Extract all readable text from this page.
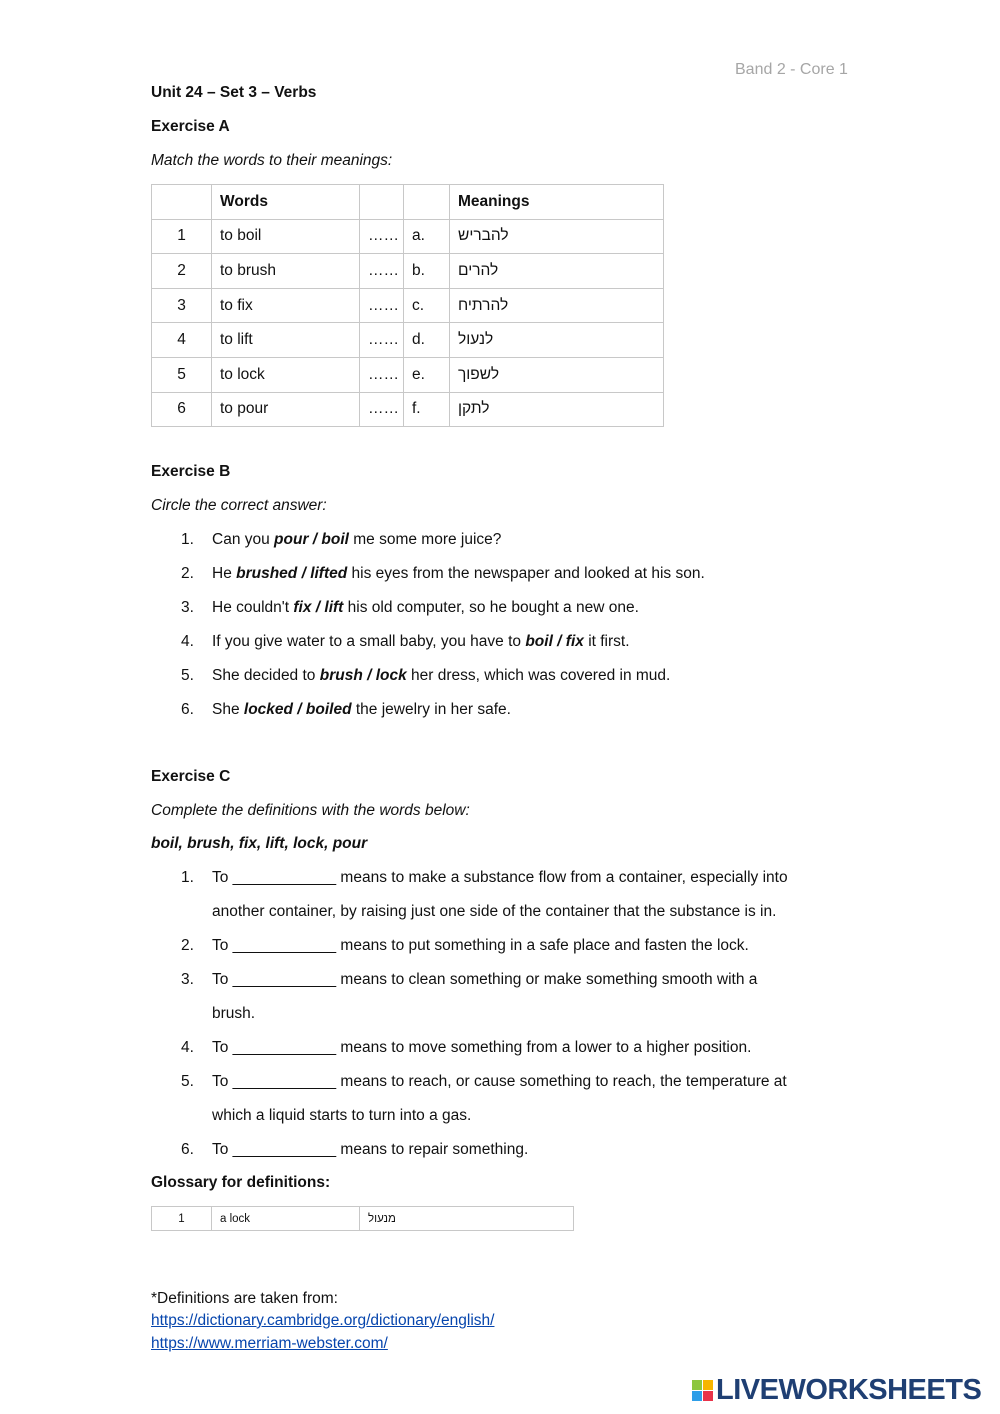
Band 2 - Core 1
Unit 24 – Set 3 – Verbs
Exercise A
Match the words to their meanings:
	Words			Meanings
1	to boil	……	a.	להבריש
2	to brush	……	b.	להרים
3	to fix	……	c.	להרתיח
4	to lift	……	d.	לנעול
5	to lock	……	e.	לשפוך
6	to pour	……	f.	לתקן
Exercise B
Circle the correct answer:
1. Can you pour / boil me some more juice?
2. He brushed / lifted his eyes from the newspaper and looked at his son.
3. He couldn't fix / lift his old computer, so he bought a new one.
4. If you give water to a small baby, you have to boil / fix it first.
5. She decided to brush / lock her dress, which was covered in mud.
6. She locked / boiled the jewelry in her safe.
Exercise C
Complete the definitions with the words below:
boil, brush, fix, lift, lock, pour
1. To ____________ means to make a substance flow from a container, especially into
another container, by raising just one side of the container that the substance is in.
2. To ____________ means to put something in a safe place and fasten the lock.
3. To ____________ means to clean something or make something smooth with a
brush.
4. To ____________ means to move something from a lower to a higher position.
5. To ____________ means to reach, or cause something to reach, the temperature at
which a liquid starts to turn into a gas.
6. To ____________ means to repair something.
Glossary for definitions:
1	a lock	מנעול
*Definitions are taken from:
https://dictionary.cambridge.org/dictionary/english/
https://www.merriam-webster.com/
LIVEWORKSHEETS
